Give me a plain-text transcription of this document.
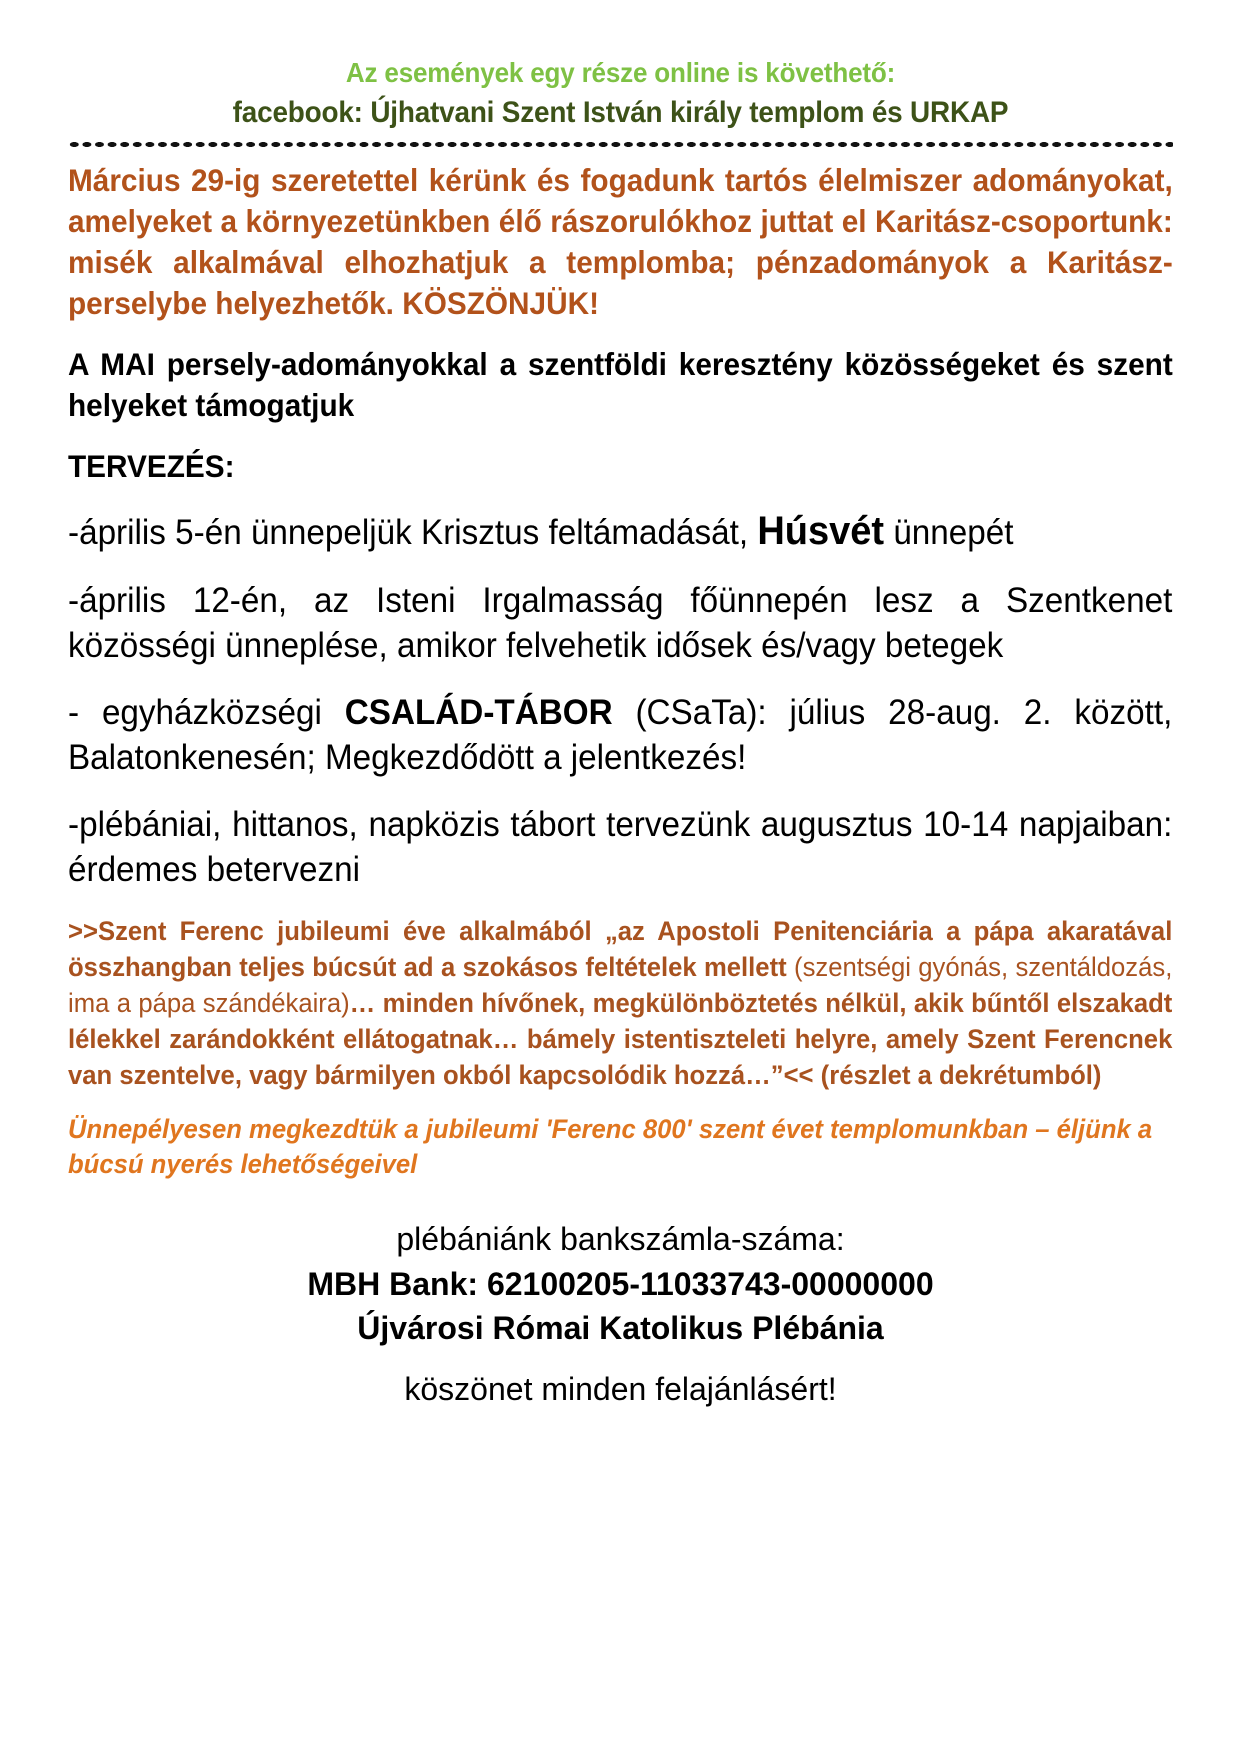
Az események egy része online is követhető:
facebook: Újhatvani Szent István király templom és URKAP

Március 29-ig szeretettel kérünk és fogadunk tartós élelmiszer adományokat, amelyeket a környezetünkben élő rászorulókhoz juttat el Karitász-csoportunk: misék alkalmával elhozhatjuk a templomba; pénzadományok a Karitász-perselybe helyezhetők. KÖSZÖNJÜK!

A MAI persely-adományokkal a szentföldi keresztény közösségeket és szent helyeket támogatjuk

TERVEZÉS:

-április 5-én ünnepeljük Krisztus feltámadását, Húsvét ünnepét

-április 12-én, az Isteni Irgalmasság főünnepén lesz a Szentkenet közösségi ünneplése, amikor felvehetik idősek és/vagy betegek

- egyházközségi CSALÁD-TÁBOR (CSaTa): július 28-aug. 2. között, Balatonkenesén; Megkezdődött a jelentkezés!

-plébániai, hittanos, napközis tábort tervezünk augusztus 10-14 napjaiban: érdemes betervezni

>>Szent Ferenc jubileumi éve alkalmából „az Apostoli Penitenciária a pápa akaratával összhangban teljes búcsút ad a szokásos feltételek mellett (szentségi gyónás, szentáldozás, ima a pápa szándékaira)… minden hívőnek, megkülönböztetés nélkül, akik bűntől elszakadt lélekkel zarándokként ellátogatnak… bámely istentiszteleti helyre, amely Szent Ferencnek van szentelve, vagy bármilyen okból kapcsolódik hozzá…”<< (részlet a dekrétumból)

Ünnepélyesen megkezdtük a jubileumi 'Ferenc 800' szent évet templomunkban – éljünk a búcsú nyerés lehetőségeivel

plébániánk bankszámla-száma:
MBH Bank: 62100205-11033743-00000000
Újvárosi Római Katolikus Plébánia
köszönet minden felajánlásért!
